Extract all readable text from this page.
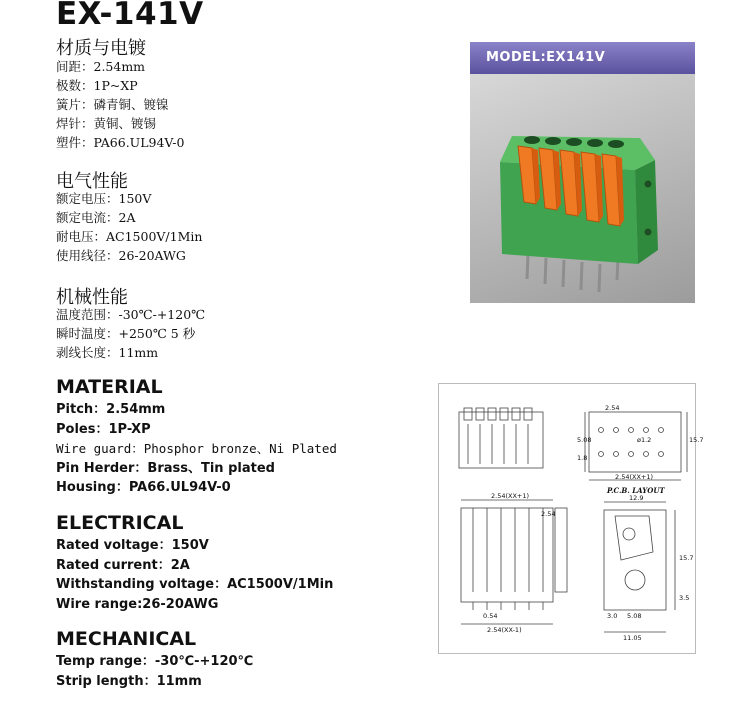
EX-141V
材质与电镀
间距：2.54mm
极数：1P~XP
簧片：磷青铜、镀镍
焊针：黄铜、镀锡
塑件：PA66.UL94V-0
电气性能
额定电压：150V
额定电流：2A
耐电压：AC1500V/1Min
使用线径：26-20AWG
机械性能
温度范围：-30℃-+120℃
瞬时温度：+250℃ 5 秒
剥线长度：11mm
MATERIAL
Pitch：2.54mm
Poles：1P-XP
Wire guard：Phosphor bronze、Ni Plated
Pin Herder：Brass、Tin plated
Housing：PA66.UL94V-0
ELECTRICAL
Rated voltage：150V
Rated current：2A
Withstanding voltage：AC1500V/1Min
Wire range:26-20AWG
MECHANICAL
Temp range：-30℃-+120℃
Strip length：11mm
MODEL:EX141V
2.54
ø1.2
5.08	15.7
1.8
2.54(XX+1)
P.C.B. LAYOUT
2.54(XX+1)
2.54
0.54
2.54(XX-1)
12.9
3.0 5.08
11.05
15.7
3.5
